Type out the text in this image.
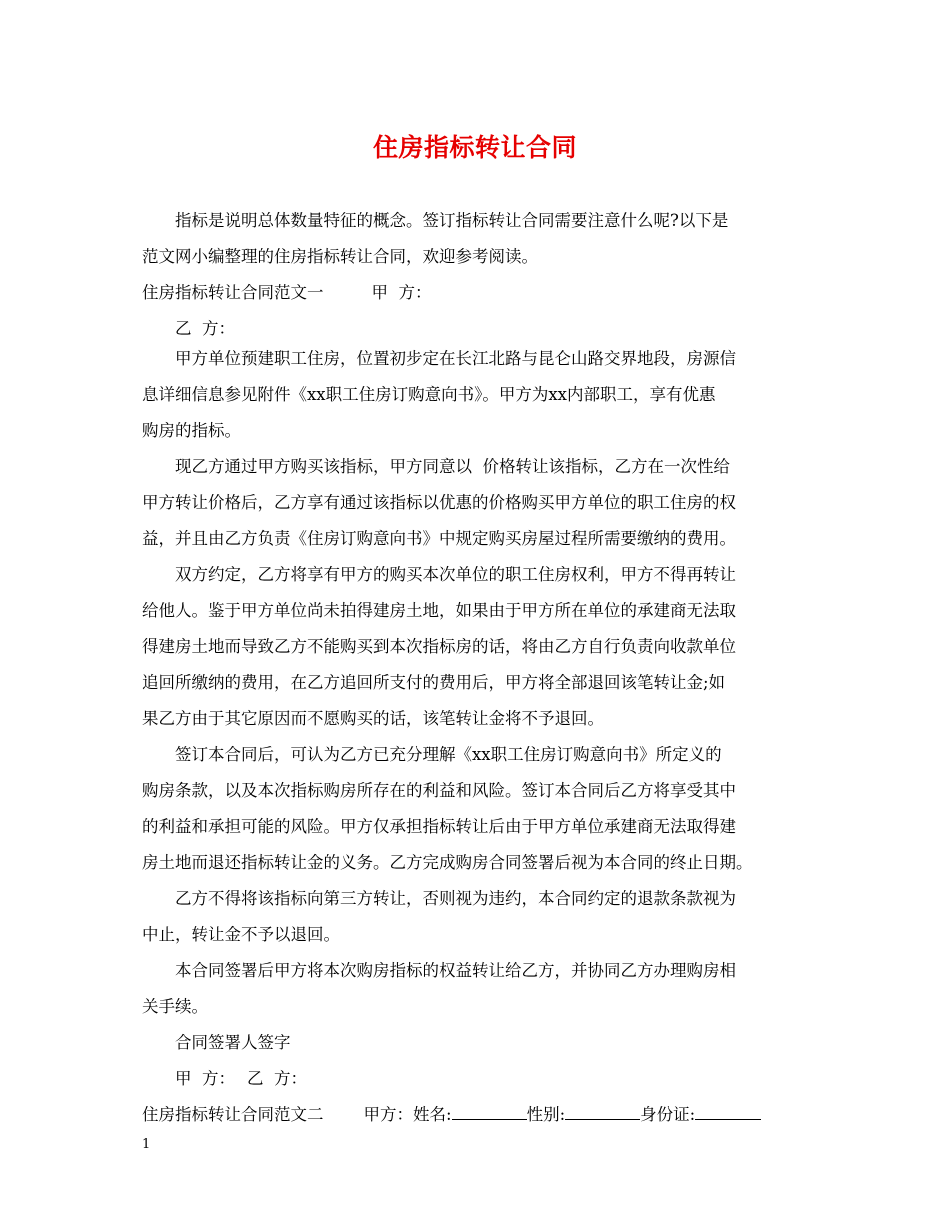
住房指标转让合同
指标是说明总体数量特征的概念。签订指标转让合同需要注意什么呢?以下是
范文网小编整理的住房指标转让合同，欢迎参考阅读。
住房指标转让合同范文一	甲  方：
乙  方：
甲方单位预建职工住房，位置初步定在长江北路与昆仑山路交界地段，房源信
息详细信息参见附件《xx职工住房订购意向书》。甲方为xx内部职工，享有优惠
购房的指标。
现乙方通过甲方购买该指标，甲方同意以  价格转让该指标，乙方在一次性给
甲方转让价格后，乙方享有通过该指标以优惠的价格购买甲方单位的职工住房的权
益，并且由乙方负责《住房订购意向书》中规定购买房屋过程所需要缴纳的费用。
双方约定，乙方将享有甲方的购买本次单位的职工住房权利，甲方不得再转让
给他人。鉴于甲方单位尚未拍得建房土地，如果由于甲方所在单位的承建商无法取
得建房土地而导致乙方不能购买到本次指标房的话，将由乙方自行负责向收款单位
追回所缴纳的费用，在乙方追回所支付的费用后，甲方将全部退回该笔转让金;如
果乙方由于其它原因而不愿购买的话，该笔转让金将不予退回。
签订本合同后，可认为乙方已充分理解《xx职工住房订购意向书》所定义的
购房条款，以及本次指标购房所存在的利益和风险。签订本合同后乙方将享受其中
的利益和承担可能的风险。甲方仅承担指标转让后由于甲方单位承建商无法取得建
房土地而退还指标转让金的义务。乙方完成购房合同签署后视为本合同的终止日期。
乙方不得将该指标向第三方转让，否则视为违约，本合同约定的退款条款视为
中止，转让金不予以退回。
本合同签署后甲方将本次购房指标的权益转让给乙方，并协同乙方办理购房相
关手续。
合同签署人签字
甲  方： 乙  方：
住房指标转让合同范文二 甲方：姓名:	性别:	身份证:
1
